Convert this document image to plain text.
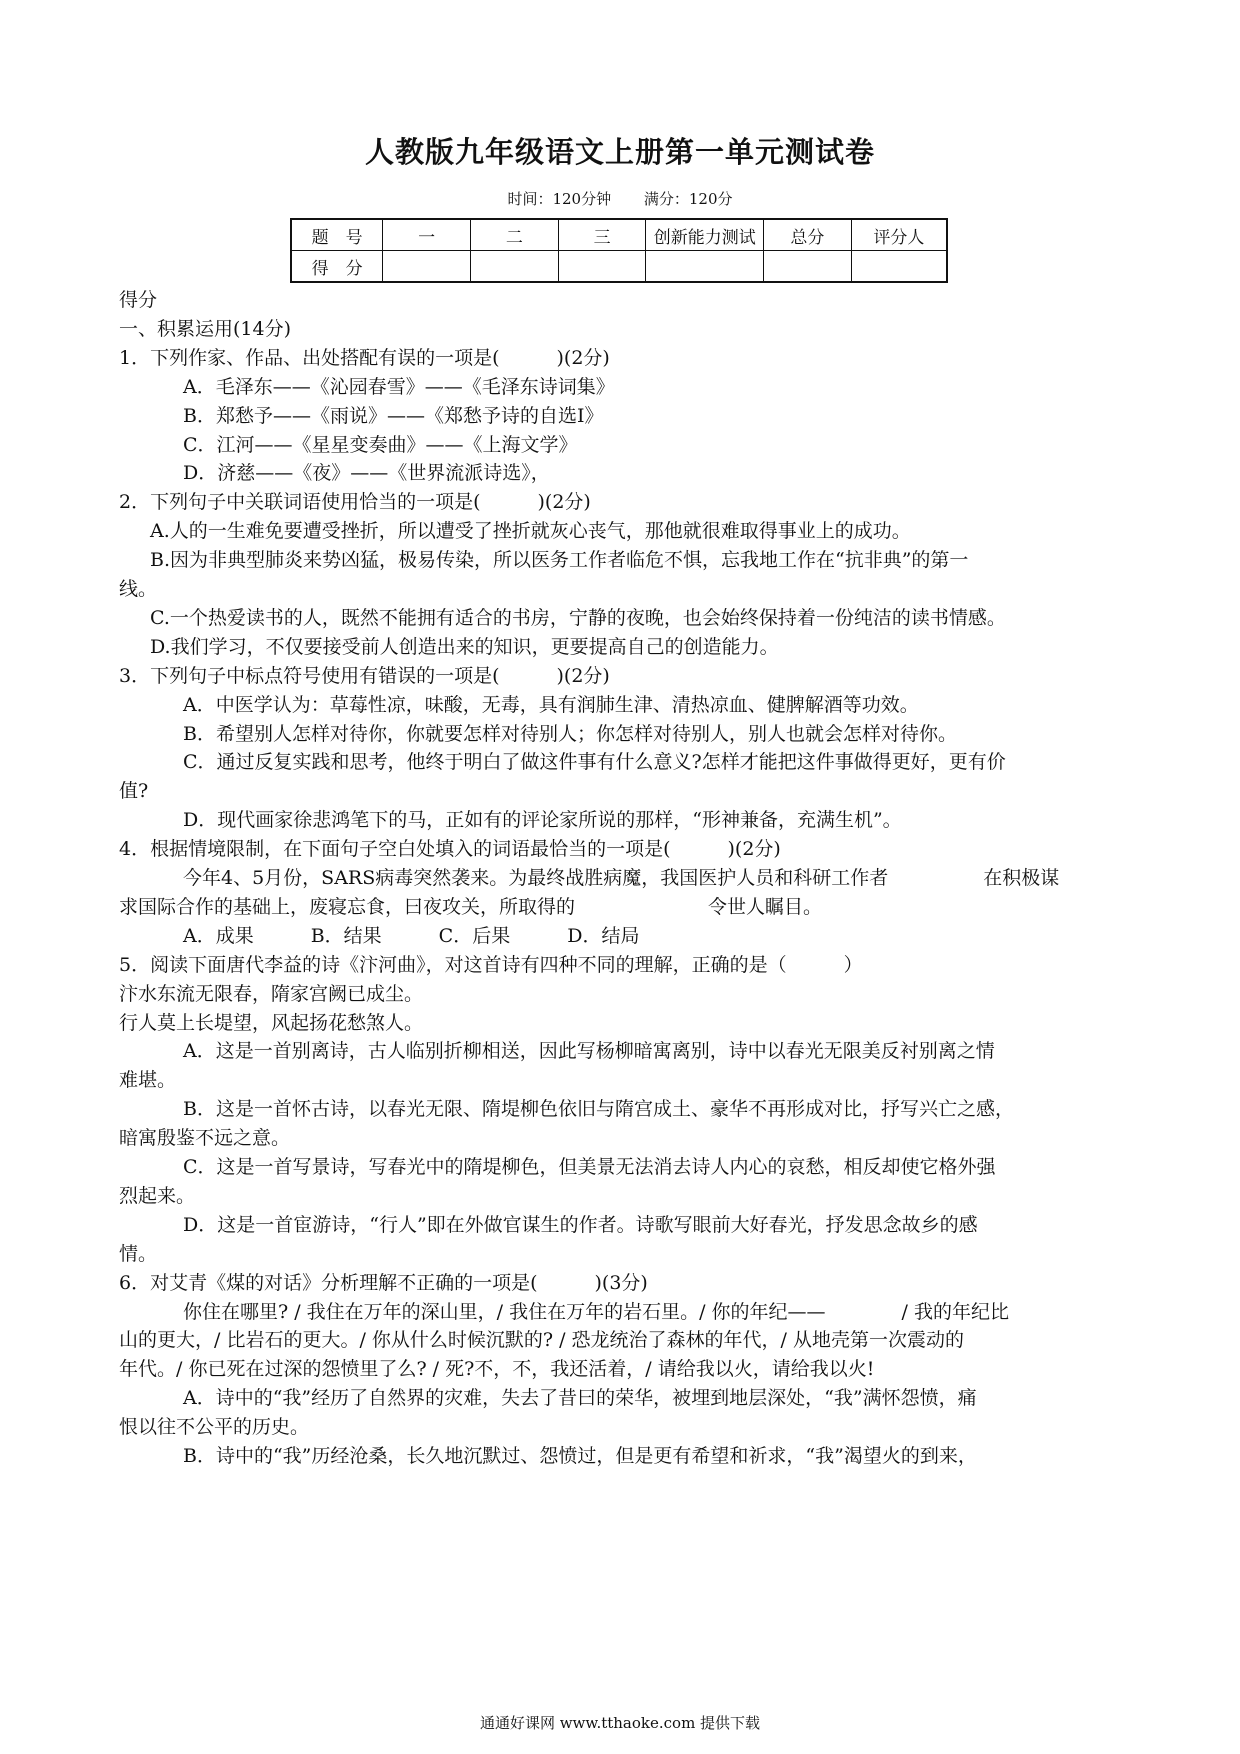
人教版九年级语文上册第一单元测试卷
时间：120分钟 满分：120分
题　号	一	二	三	创新能力测试	总分	评分人
得　分						
得分
一、积累运用(14分)
1．下列作家、作品、出处搭配有误的一项是(　　　)(2分)
A．毛泽东——《沁园春雪》——《毛泽东诗词集》
B．郑愁予——《雨说》——《郑愁予诗的自选Ⅰ》
C．江河——《星星变奏曲》——《上海文学》
D．济慈——《夜》——《世界流派诗选》，
2．下列句子中关联词语使用恰当的一项是(　　　)(2分)
A.人的一生难免要遭受挫折，所以遭受了挫折就灰心丧气，那他就很难取得事业上的成功。
B.因为非典型肺炎来势凶猛，极易传染，所以医务工作者临危不惧，忘我地工作在“抗非典”的第一
线。
C.一个热爱读书的人，既然不能拥有适合的书房，宁静的夜晚，也会始终保持着一份纯洁的读书情感。
D.我们学习，不仅要接受前人创造出来的知识，更要提高自己的创造能力。
3．下列句子中标点符号使用有错误的一项是(　　　)(2分)
A．中医学认为：草莓性凉，味酸，无毒，具有润肺生津、清热凉血、健脾解酒等功效。
B．希望别人怎样对待你，你就要怎样对待别人；你怎样对待别人，别人也就会怎样对待你。
C．通过反复实践和思考，他终于明白了做这件事有什么意义?怎样才能把这件事做得更好，更有价
值?
D．现代画家徐悲鸿笔下的马，正如有的评论家所说的那样，“形神兼备，充满生机”。
4．根据情境限制，在下面句子空白处填入的词语最恰当的一项是(　　　)(2分)
今年4、5月份，SARS病毒突然袭来。为最终战胜病魔，我国医护人员和科研工作者　　　　　在积极谋
求国际合作的基础上，废寝忘食，曰夜攻关，所取得的　　　　　　　令世人瞩目。
A．成果　　　B．结果　　　C．后果　　　D．结局
5．阅读下面唐代李益的诗《汴河曲》，对这首诗有四种不同的理解，正确的是（　　　）
汴水东流无限春，隋家宫阙已成尘。
行人莫上长堤望，风起扬花愁煞人。
A．这是一首别离诗，古人临别折柳相送，因此写杨柳暗寓离别，诗中以春光无限美反衬别离之情
难堪。
B．这是一首怀古诗，以春光无限、隋堤柳色依旧与隋宫成土、豪华不再形成对比，抒写兴亡之感，
暗寓殷鉴不远之意。
C．这是一首写景诗，写春光中的隋堤柳色，但美景无法消去诗人内心的哀愁，相反却使它格外强
烈起来。
D．这是一首宦游诗，“行人”即在外做官谋生的作者。诗歌写眼前大好春光，抒发思念故乡的感
情。
6．对艾青《煤的对话》分析理解不正确的一项是(　　　)(3分)
你住在哪里? / 我住在万年的深山里，/ 我住在万年的岩石里。/ 你的年纪——　　　　/ 我的年纪比
山的更大，/ 比岩石的更大。/ 你从什么时候沉默的? / 恐龙统治了森林的年代，/ 从地壳第一次震动的
年代。/ 你已死在过深的怨愤里了么? / 死?不，不，我还活着，/ 请给我以火，请给我以火!
A．诗中的“我”经历了自然界的灾难，失去了昔曰的荣华，被埋到地层深处，“我”满怀怨愤，痛
恨以往不公平的历史。
B．诗中的“我”历经沧桑，长久地沉默过、怨愤过，但是更有希望和祈求，“我”渴望火的到来，
通通好课网 www.tthaoke.com 提供下载
